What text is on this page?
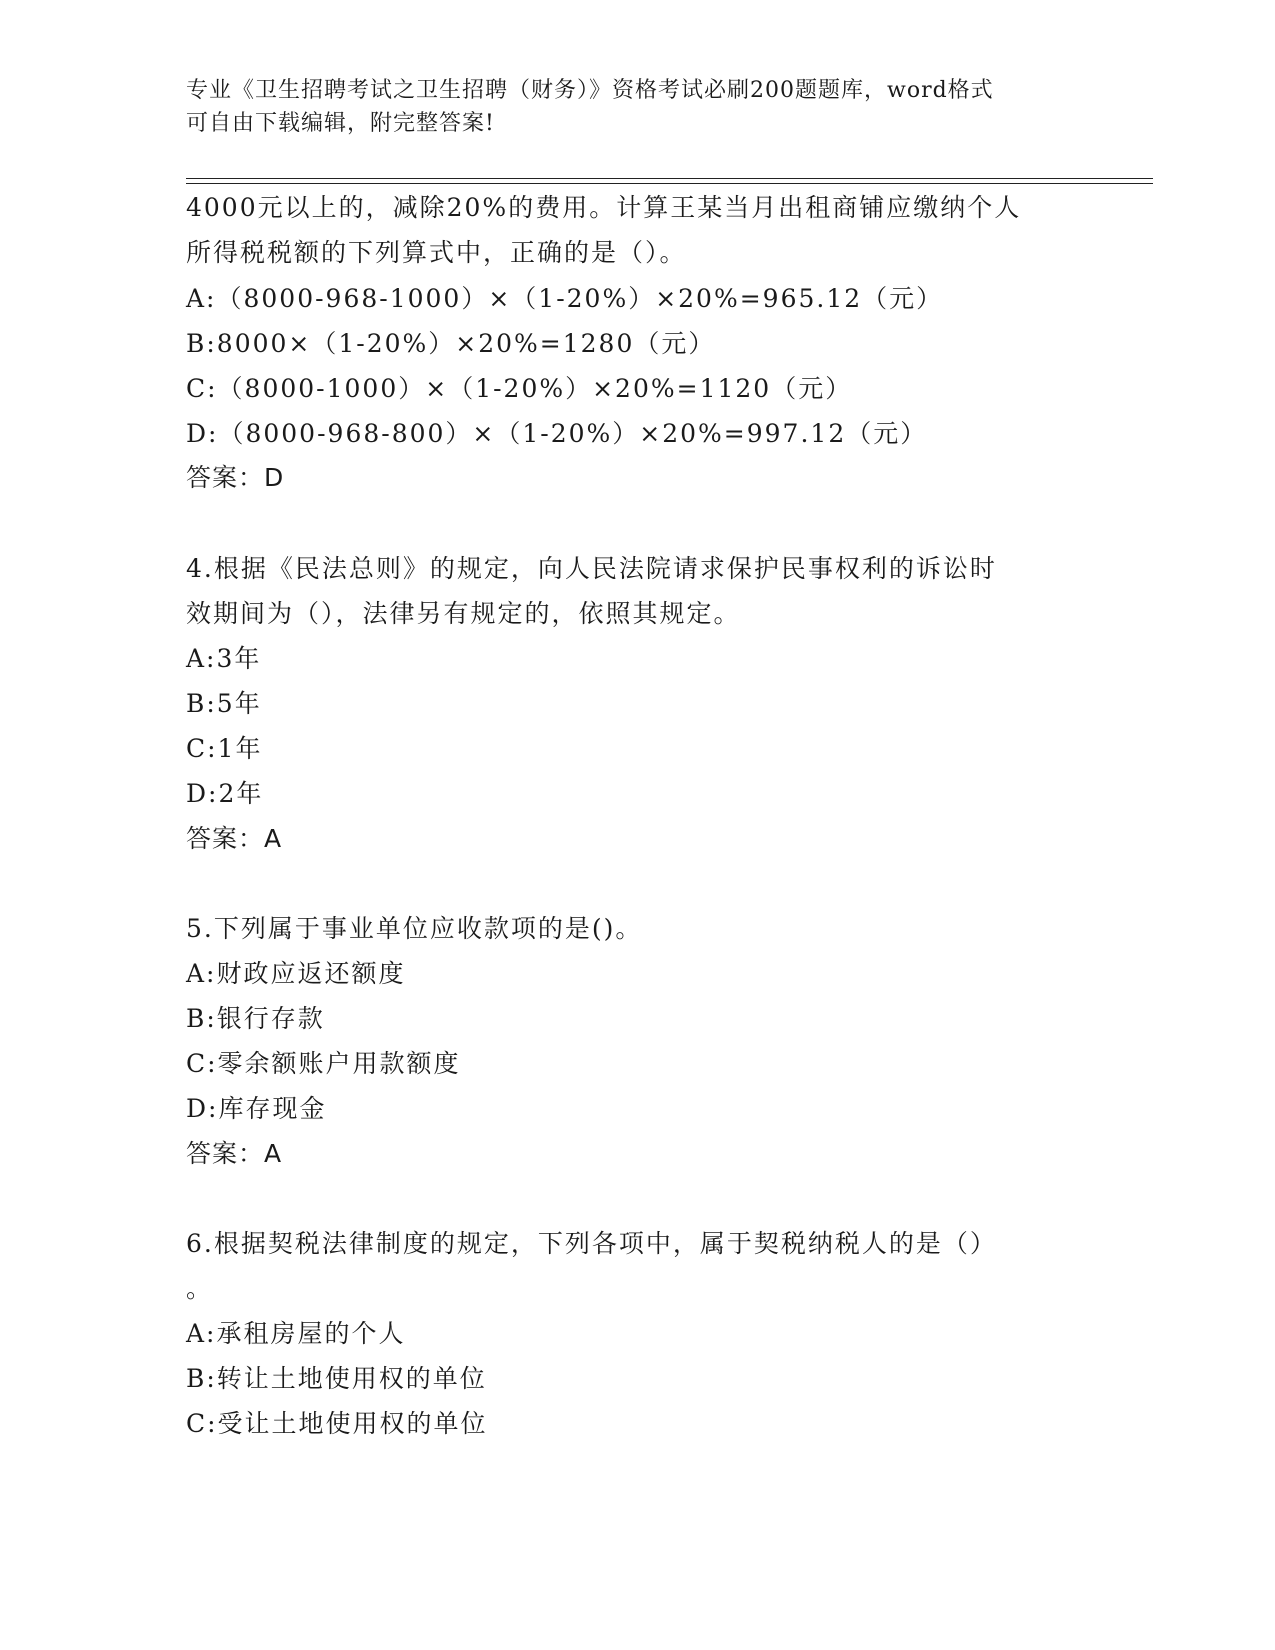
专业《卫生招聘考试之卫生招聘（财务）》资格考试必刷200题题库，word格式
可自由下载编辑，附完整答案!
4000元以上的，减除20%的费用。计算王某当月出租商铺应缴纳个人
所得税税额的下列算式中，正确的是（）。
A:（8000-968-1000）×（1-20%）×20%=965.12（元）
B:8000×（1-20%）×20%=1280（元）
C:（8000-1000）×（1-20%）×20%=1120（元）
D:（8000-968-800）×（1-20%）×20%=997.12（元）
答案：D
4.根据《民法总则》的规定，向人民法院请求保护民事权利的诉讼时
效期间为（），法律另有规定的，依照其规定。
A:3年
B:5年
C:1年
D:2年
答案：A
5.下列属于事业单位应收款项的是()。
A:财政应返还额度
B:银行存款
C:零余额账户用款额度
D:库存现金
答案：A
6.根据契税法律制度的规定，下列各项中，属于契税纳税人的是（）
。
A:承租房屋的个人
B:转让土地使用权的单位
C:受让土地使用权的单位
